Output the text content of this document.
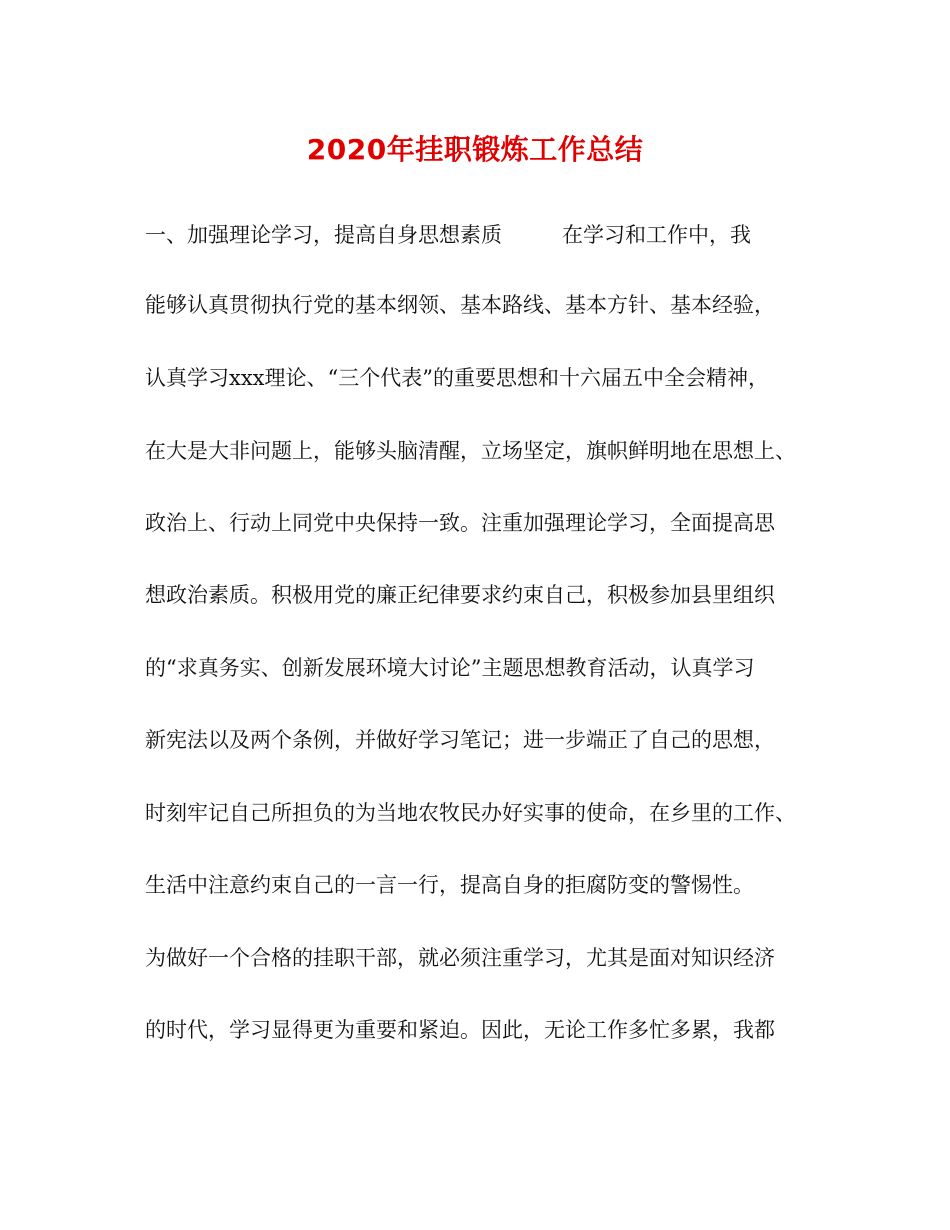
2020年挂职锻炼工作总结

一、加强理论学习，提高自身思想素质	在学习和工作中，我

能够认真贯彻执行党的基本纲领、基本路线、基本方针、基本经验，

认真学习xxx理论、“三个代表”的重要思想和十六届五中全会精神，

在大是大非问题上，能够头脑清醒，立场坚定，旗帜鲜明地在思想上、

政治上、行动上同党中央保持一致。注重加强理论学习，全面提高思

想政治素质。积极用党的廉正纪律要求约束自己，积极参加县里组织

的“求真务实、创新发展环境大讨论”主题思想教育活动，认真学习

新宪法以及两个条例，并做好学习笔记；进一步端正了自己的思想，

时刻牢记自己所担负的为当地农牧民办好实事的使命，在乡里的工作、

生活中注意约束自己的一言一行，提高自身的拒腐防变的警惕性。

为做好一个合格的挂职干部，就必须注重学习，尤其是面对知识经济

的时代，学习显得更为重要和紧迫。因此，无论工作多忙多累，我都
